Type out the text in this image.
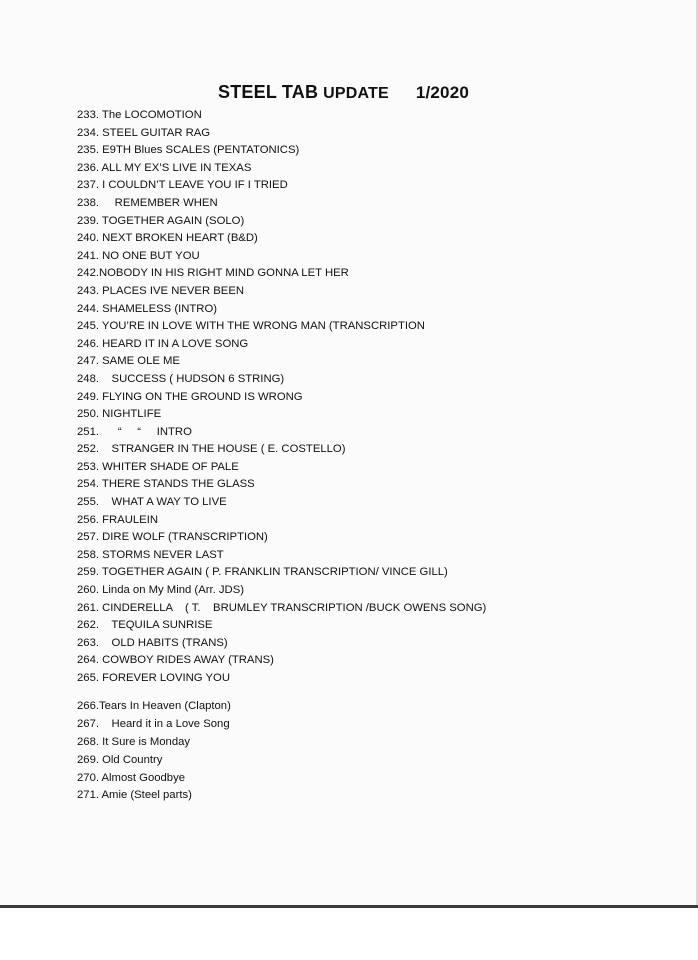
STEEL TAB UPDATE 1/2020
233. The LOCOMOTION
234. STEEL GUITAR RAG
235. E9TH Blues SCALES (PENTATONICS)
236. ALL MY EX’S LIVE IN TEXAS
237. I COULDN’T LEAVE YOU IF I TRIED
238.     REMEMBER WHEN
239. TOGETHER AGAIN (SOLO)
240. NEXT BROKEN HEART (B&D)
241. NO ONE BUT YOU
242.NOBODY IN HIS RIGHT MIND GONNA LET HER
243. PLACES IVE NEVER BEEN
244. SHAMELESS (INTRO)
245. YOU’RE IN LOVE WITH THE WRONG MAN (TRANSCRIPTION
246. HEARD IT IN A LOVE SONG
247. SAME OLE ME
248.    SUCCESS ( HUDSON 6 STRING)
249. FLYING ON THE GROUND IS WRONG
250. NIGHTLIFE
251.      “     “     INTRO
252.    STRANGER IN THE HOUSE ( E. COSTELLO)
253. WHITER SHADE OF PALE
254. THERE STANDS THE GLASS
255.    WHAT A WAY TO LIVE
256. FRAULEIN
257. DIRE WOLF (TRANSCRIPTION)
258. STORMS NEVER LAST
259. TOGETHER AGAIN ( P. FRANKLIN TRANSCRIPTION/ VINCE GILL)
260. Linda on My Mind (Arr. JDS)
261. CINDERELLA    ( T.    BRUMLEY TRANSCRIPTION /BUCK OWENS SONG)
262.    TEQUILA SUNRISE
263.    OLD HABITS (TRANS)
264. COWBOY RIDES AWAY (TRANS)
265. FOREVER LOVING YOU
266.Tears In Heaven (Clapton)
267.    Heard it in a Love Song
268. It Sure is Monday
269. Old Country
270. Almost Goodbye
271. Amie (Steel parts)
